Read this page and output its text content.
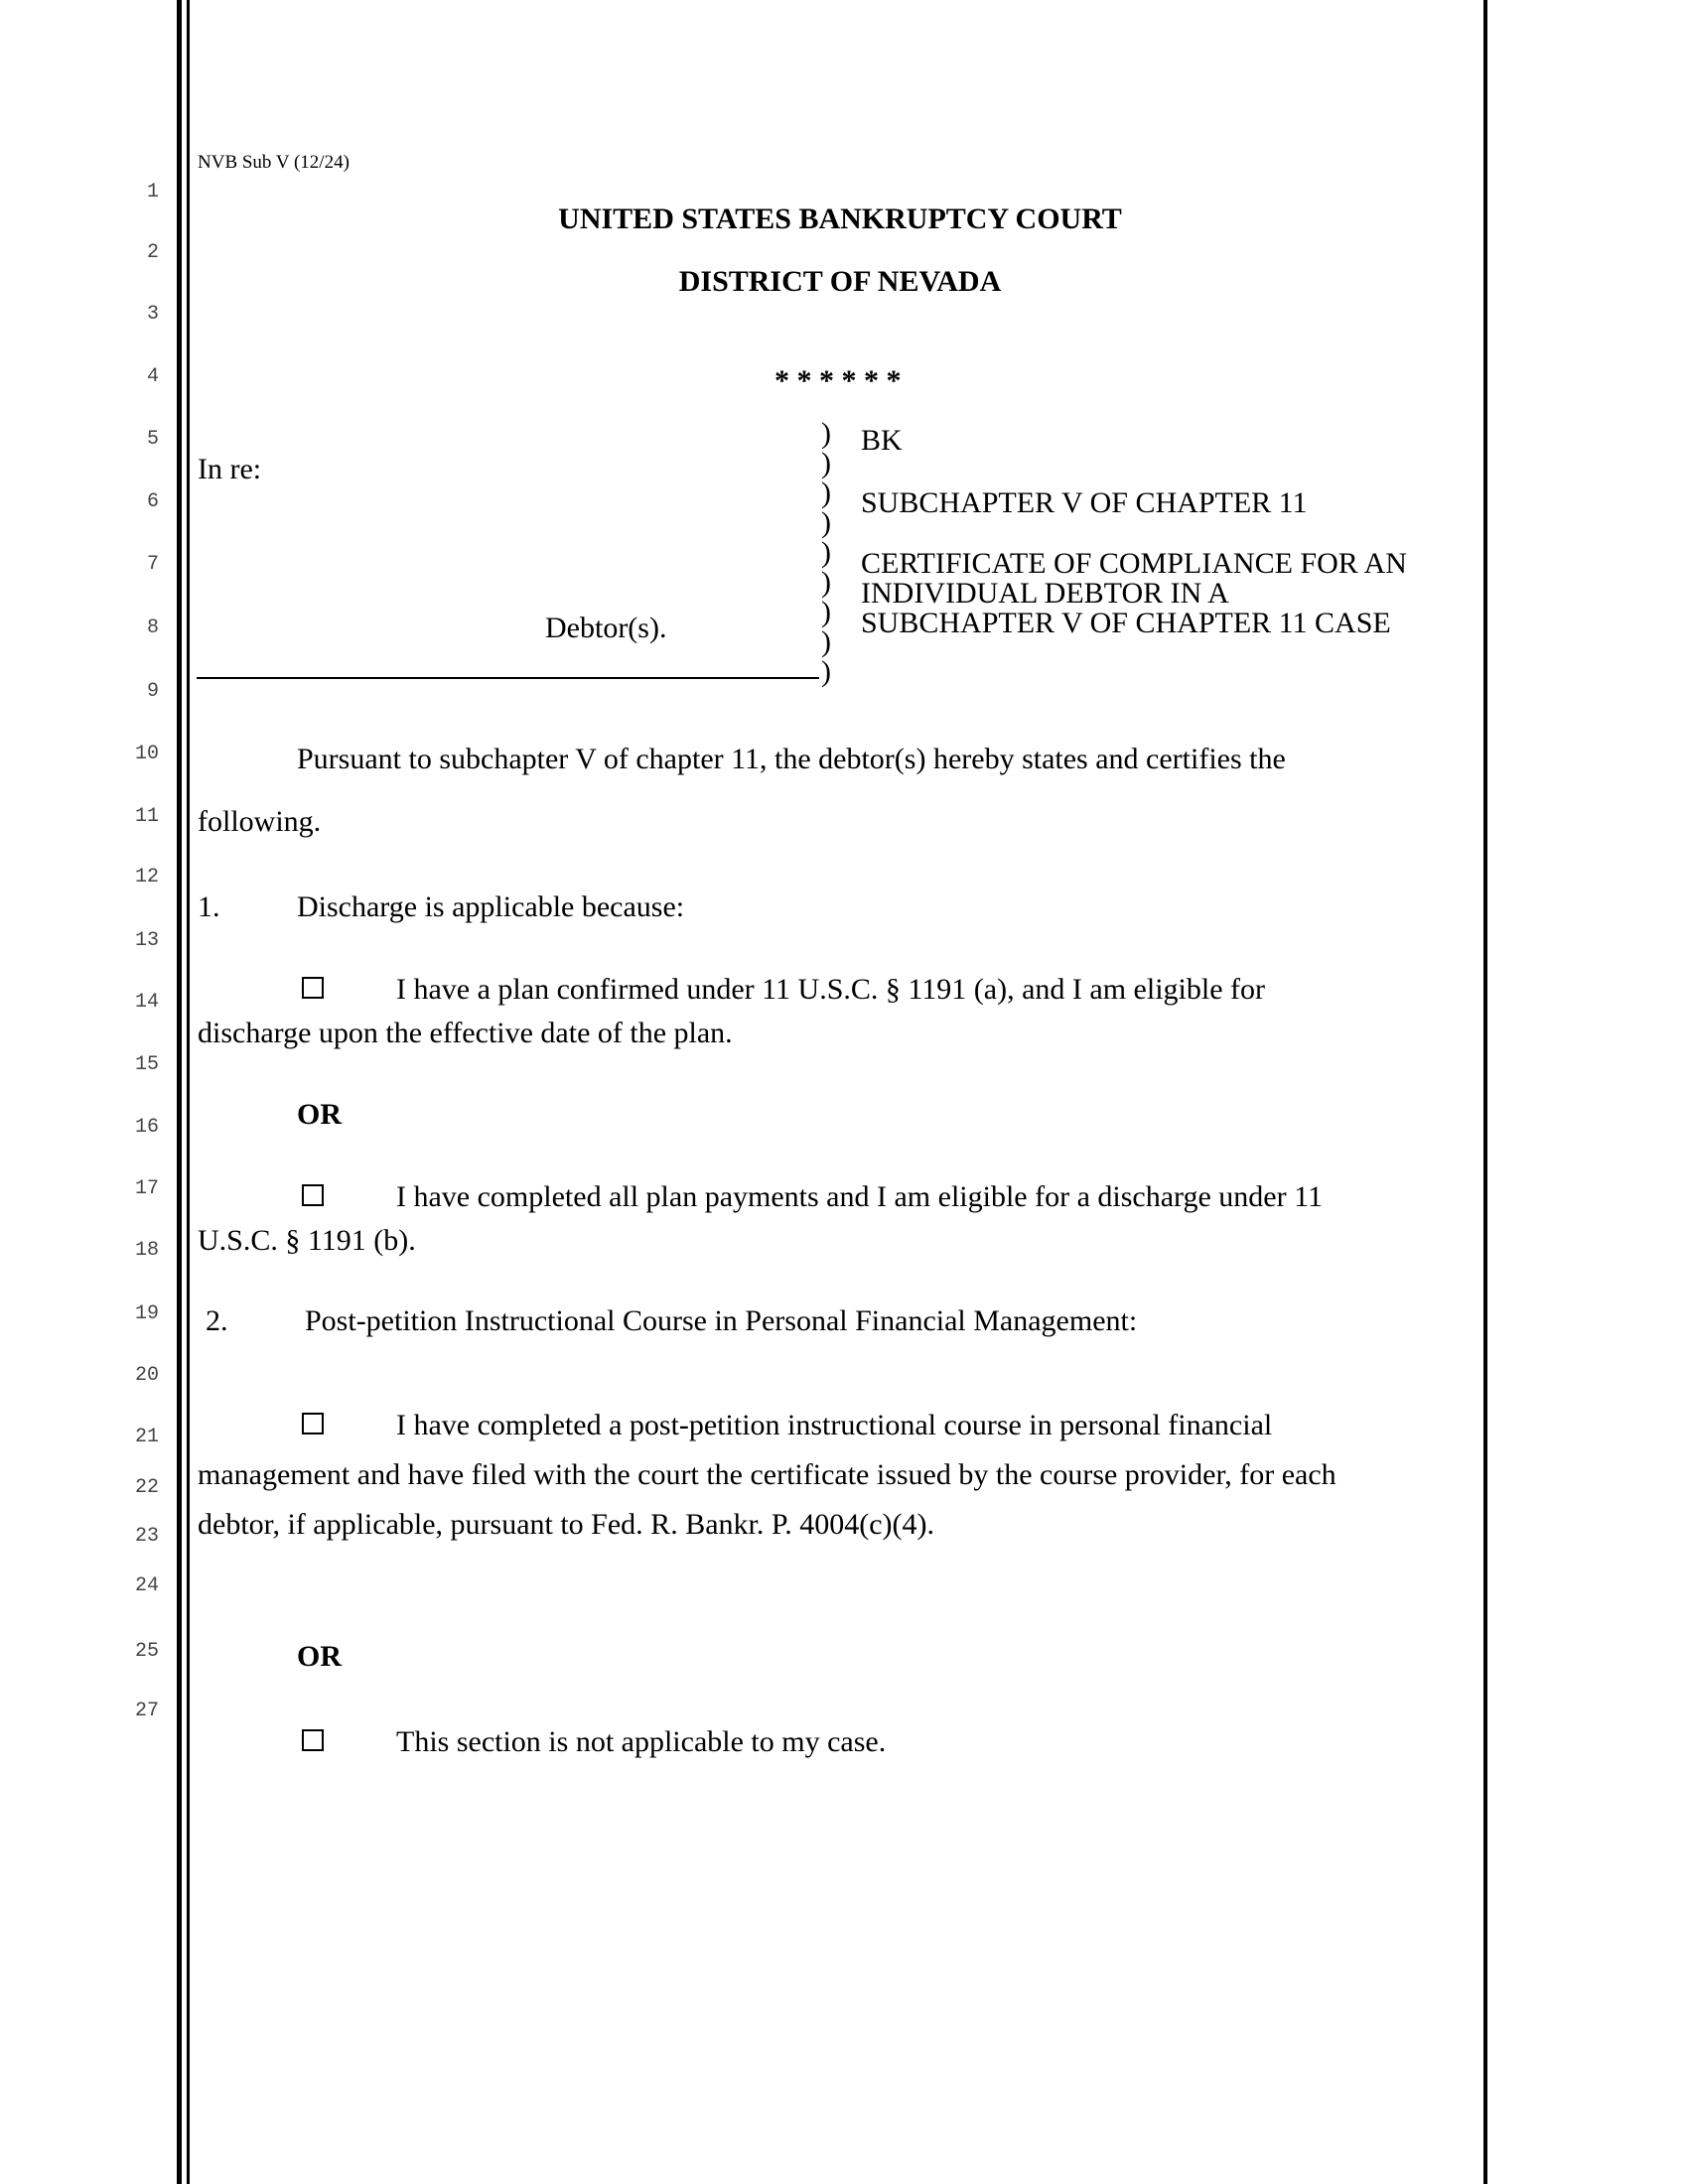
1
2
3
4
5
6
7
8
9
10
11
12
13
14
15
16
17
18
19
20
21
22
23
24
25
27
NVB Sub V (12/24)
UNITED STATES BANKRUPTCY COURT
DISTRICT OF NEVADA
* * * * * *
In re:
Debtor(s).
)
)
)
)
)
)
)
)
)
BK
SUBCHAPTER V OF CHAPTER 11
CERTIFICATE OF COMPLIANCE FOR AN
INDIVIDUAL DEBTOR IN A
SUBCHAPTER V OF CHAPTER 11 CASE
Pursuant to subchapter V of chapter 11, the debtor(s) hereby states and certifies the
following.
1.	Discharge is applicable because:
I have a plan confirmed under 11 U.S.C. § 1191 (a), and I am eligible for
discharge upon the effective date of the plan.
OR
I have completed all plan payments and I am eligible for a discharge under 11
U.S.C. § 1191 (b).
2.	Post-petition Instructional Course in Personal Financial Management:
I have completed a post-petition instructional course in personal financial
management and have filed with the court the certificate issued by the course provider, for each
debtor, if applicable, pursuant to Fed. R. Bankr. P. 4004(c)(4).
OR
This section is not applicable to my case.
